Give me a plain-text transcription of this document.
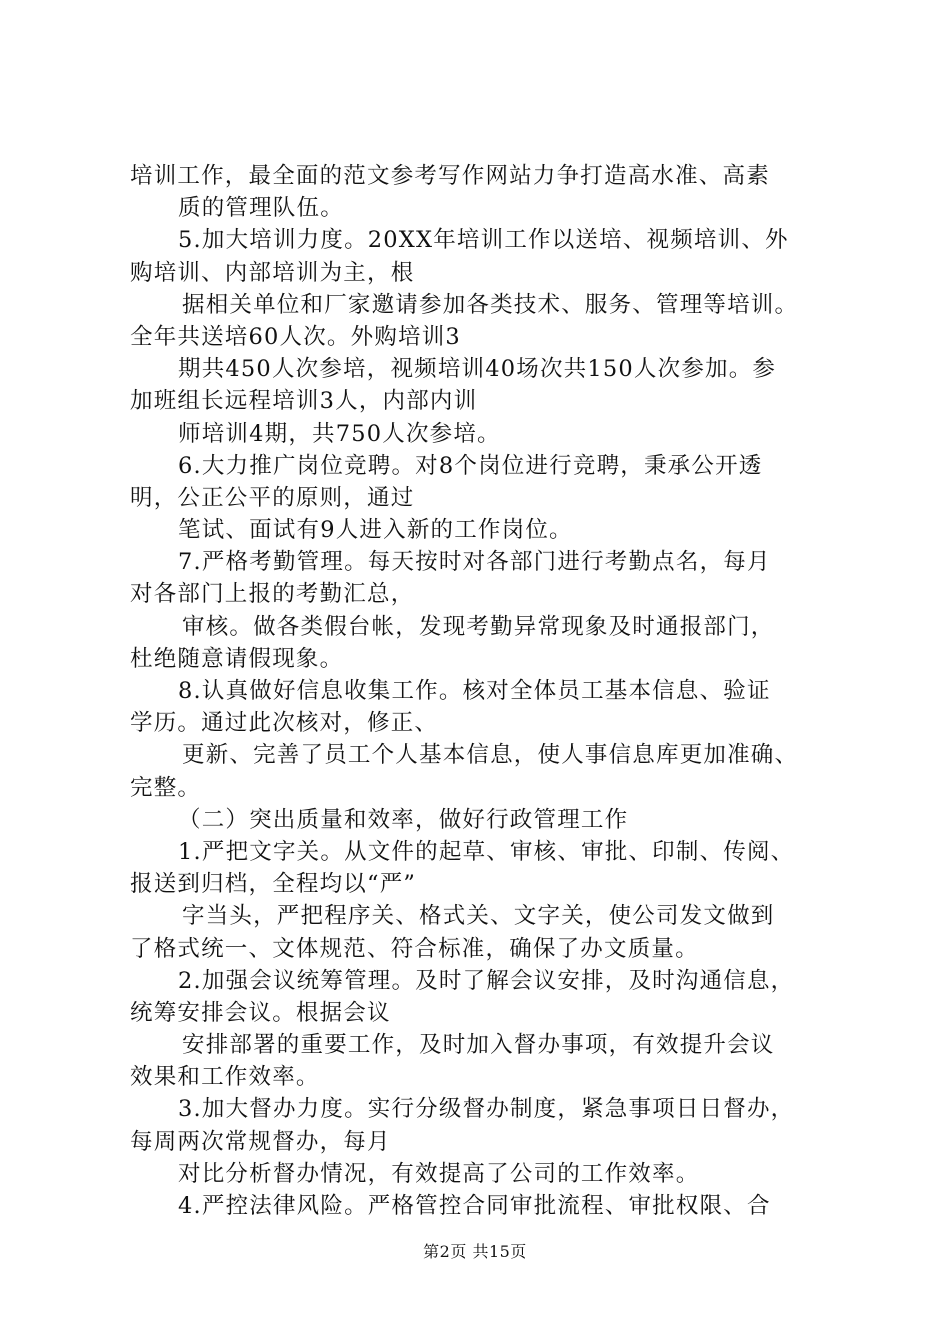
培训工作，最全面的范文参考写作网站力争打造高水准、高素
质的管理队伍。
5.加大培训力度。20XX年培训工作以送培、视频培训、外
购培训、内部培训为主，根
据相关单位和厂家邀请参加各类技术、服务、管理等培训。
全年共送培60人次。外购培训3
期共450人次参培，视频培训40场次共150人次参加。参
加班组长远程培训3人，内部内训
师培训4期，共750人次参培。
6.大力推广岗位竞聘。对8个岗位进行竞聘，秉承公开透
明，公正公平的原则，通过
笔试、面试有9人进入新的工作岗位。
7.严格考勤管理。每天按时对各部门进行考勤点名，每月
对各部门上报的考勤汇总，
审核。做各类假台帐，发现考勤异常现象及时通报部门，
杜绝随意请假现象。
8.认真做好信息收集工作。核对全体员工基本信息、验证
学历。通过此次核对，修正、
更新、完善了员工个人基本信息，使人事信息库更加准确、
完整。
（二）突出质量和效率，做好行政管理工作
1.严把文字关。从文件的起草、审核、审批、印制、传阅、
报送到归档，全程均以“严”
字当头，严把程序关、格式关、文字关，使公司发文做到
了格式统一、文体规范、符合标准，确保了办文质量。
2.加强会议统筹管理。及时了解会议安排，及时沟通信息，
统筹安排会议。根据会议
安排部署的重要工作，及时加入督办事项，有效提升会议
效果和工作效率。
3.加大督办力度。实行分级督办制度，紧急事项日日督办，
每周两次常规督办，每月
对比分析督办情况，有效提高了公司的工作效率。
4.严控法律风险。严格管控合同审批流程、审批权限、合
第2页 共15页
